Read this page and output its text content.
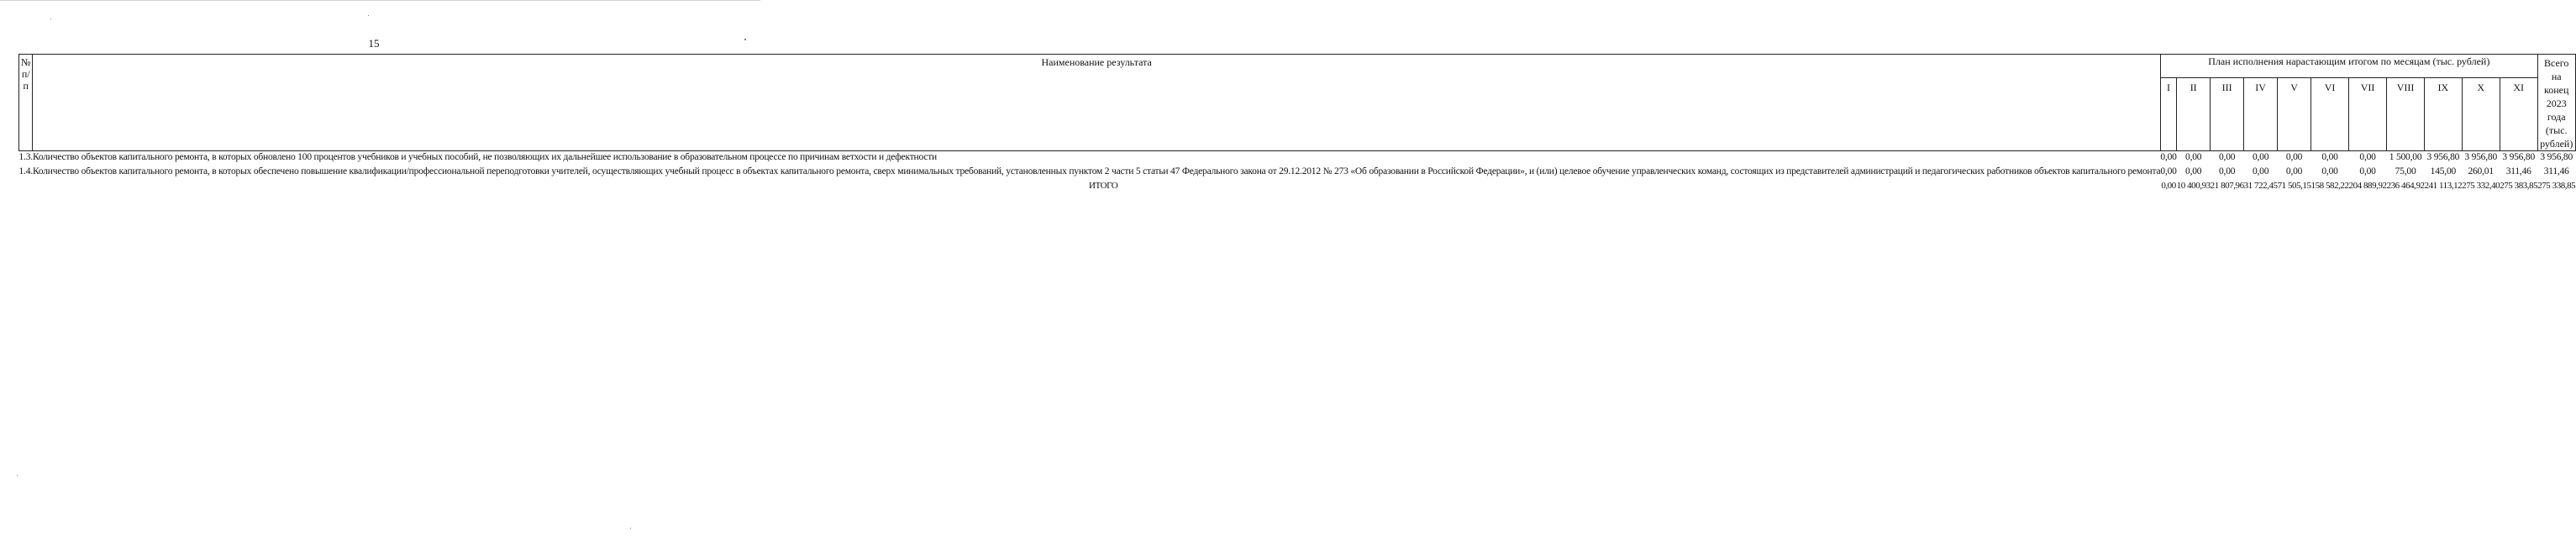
15
№
п/п	Наименование результата	План исполнения нарастающим итогом по месяцам (тыс. рублей)											Всего на конец 2023 года (тыс. рублей)
		I	II	III	IV	V	VI	VII	VIII	IX	X	XI	
1.3.	Количество объектов капитального ремонта, в которых обновлено 100 процентов учебников и учебных пособий, не позволяющих их дальнейшее использование в образовательном процессе по причинам ветхости и дефектности	0,00	0,00	0,00	0,00	0,00	0,00	0,00	1 500,00	3 956,80	3 956,80	3 956,80	3 956,80
1.4.	Количество объектов капитального ремонта, в которых обеспечено повышение квалификации/профессиональной переподготовки учителей, осуществляющих учебный процесс в объектах капитального ремонта, сверх минимальных требований, установленных пунктом 2 части 5 статьи 47 Федерального закона от 29.12.2012 № 273 «Об образовании в Российской Федерации», и (или) целевое обучение управленческих команд, состоящих из представителей администраций и педагогических работников объектов капитального ремонта	0,00	0,00	0,00	0,00	0,00	0,00	0,00	75,00	145,00	260,01	311,46	311,46
	ИТОГО	0,00	10 400,93	21 807,96	31 722,45	71 505,15	158 582,22	204 889,92	236 464,92	241 113,12	275 332,40	275 383,85	275 338,85
